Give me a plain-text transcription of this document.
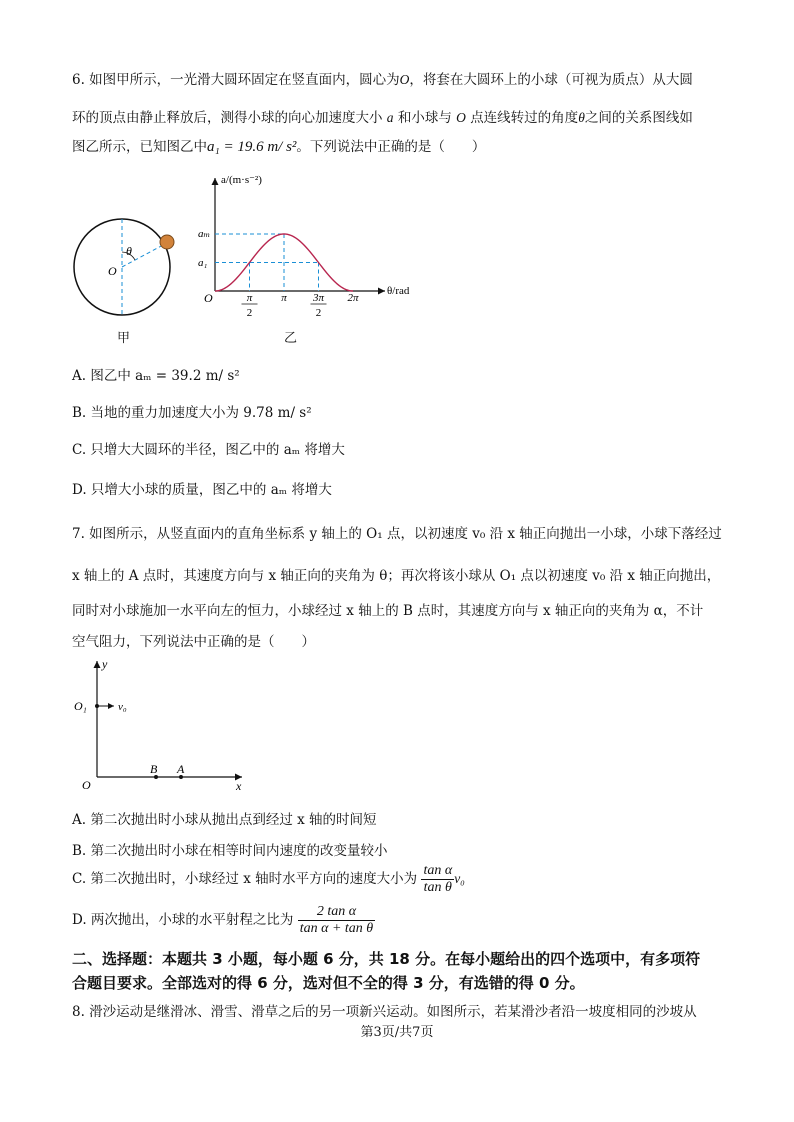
6. 如图甲所示，一光滑大圆环固定在竖直面内，圆心为O，将套在大圆环上的小球（可视为质点）从大圆
环的顶点由静止释放后，测得小球的向心加速度大小 a 和小球与 O 点连线转过的角度θ之间的关系图线如
图乙所示，已知图乙中a₁ = 19.6 m/ s²。下列说法中正确的是（　　）
O
θ
甲
a/(m·s⁻²)
θ/rad
O
aₘ
a₁
π
2
π 3π
2
2π
乙
A. 图乙中 aₘ = 39.2 m/ s²
B. 当地的重力加速度大小为 9.78 m/ s²
C. 只增大大圆环的半径，图乙中的 aₘ 将增大
D. 只增大小球的质量，图乙中的 aₘ 将增大
7. 如图所示，从竖直面内的直角坐标系 y 轴上的 O₁ 点，以初速度 v₀ 沿 x 轴正向抛出一小球，小球下落经过
x 轴上的 A 点时，其速度方向与 x 轴正向的夹角为 θ；再次将该小球从 O₁ 点以初速度 v₀ 沿 x 轴正向抛出，
同时对小球施加一水平向左的恒力，小球经过 x 轴上的 B 点时，其速度方向与 x 轴正向的夹角为 α，不计
空气阻力，下列说法中正确的是（　　）
y
x
O
O₁	v₀
B A
A. 第二次抛出时小球从抛出点到经过 x 轴的时间短
B. 第二次抛出时小球在相等时间内速度的改变量较小
C. 第二次抛出时，小球经过 x 轴时水平方向的速度大小为 $\frac{\text{tan α}}{\text{tan θ}} v_0$
D. 两次抛出，小球的水平射程之比为 $\frac{\text{2 tan α}}{\text{tan α + tan θ}}$
二、选择题：本题共 3 小题，每小题 6 分，共 18 分。在每小题给出的四个选项中，有多项符
合题目要求。全部选对的得 6 分，选对但不全的得 3 分，有选错的得 0 分。
8. 滑沙运动是继滑冰、滑雪、滑草之后的另一项新兴运动。如图所示，若某滑沙者沿一坡度相同的沙坡从
第3页/共7页
